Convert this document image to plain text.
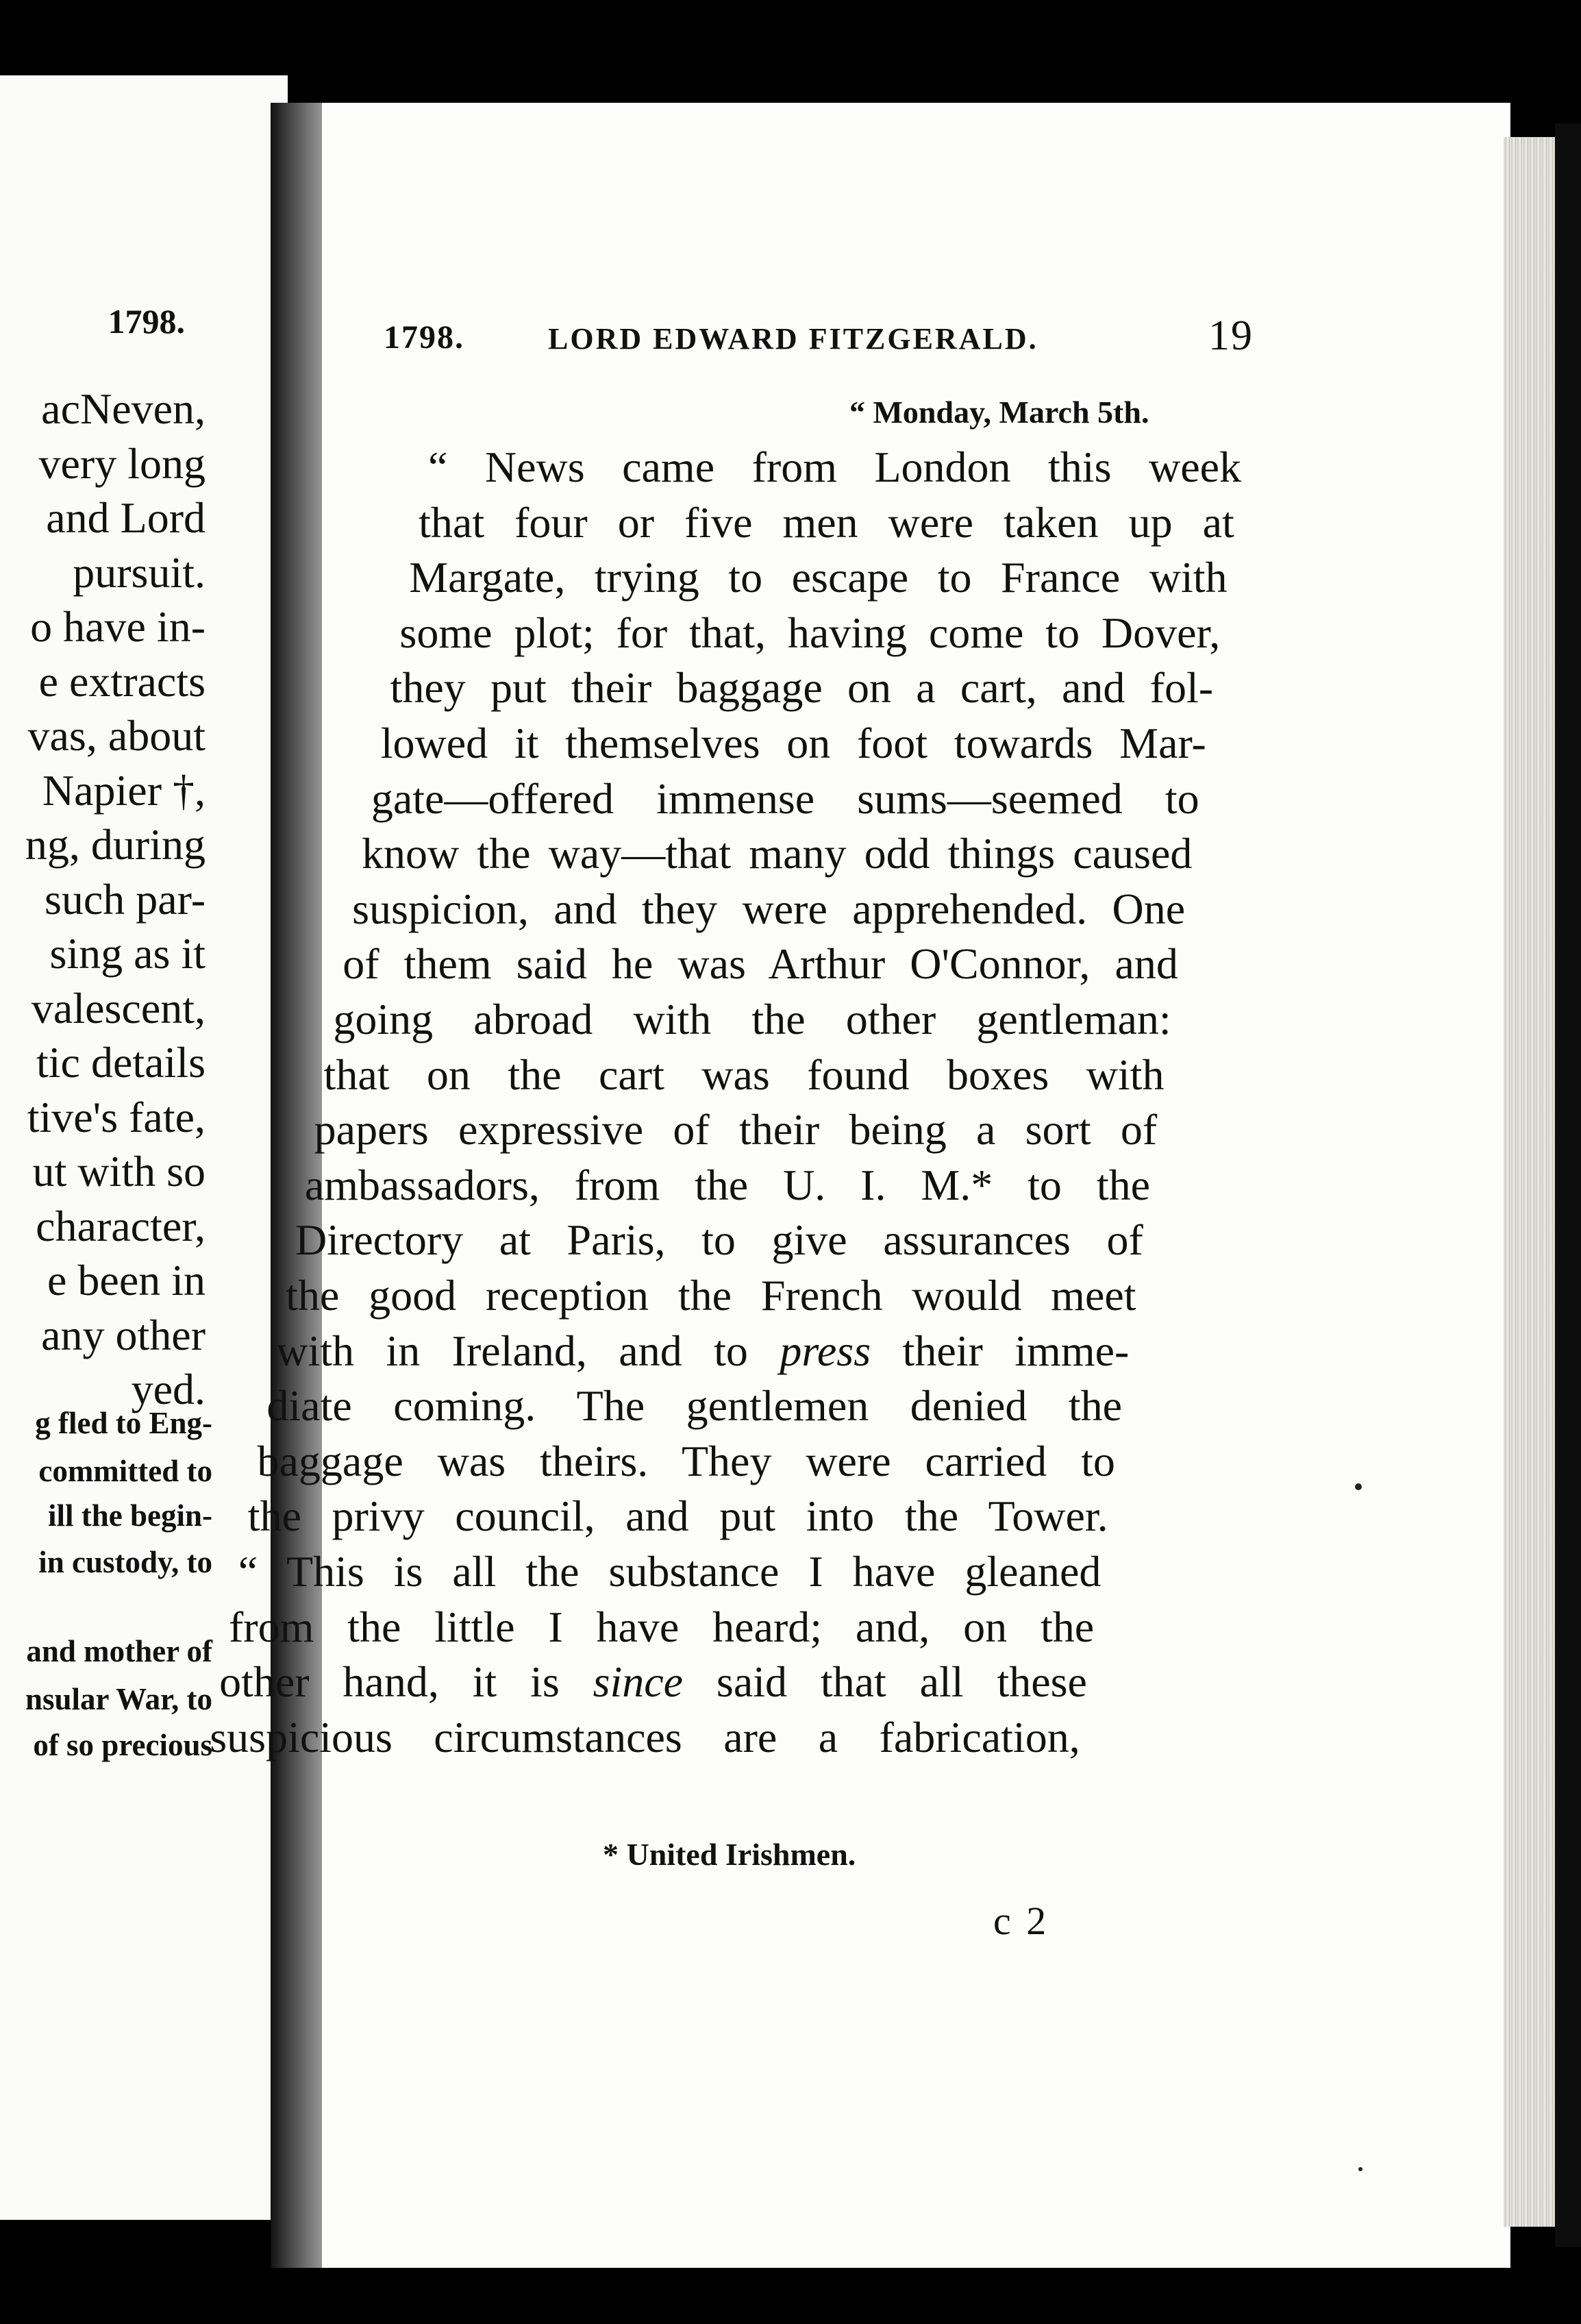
1798.

acNeven,

very long

and Lord

pursuit.

o have in-

e extracts

vas, about

Napier †,

ng, during

such par-

sing as it

valescent,

tic details

tive's fate,

ut with so

character,

e been in

any other

yed.

g fled to Eng-

committed to

ill the begin-

in custody, to

and mother of

nsular War, to

of so precious

1798.	LORD EDWARD FITZGERALD.	19

“ Monday, March 5th.

“ News came from London this week

that four or five men were taken up at

Margate, trying to escape to France with

some plot; for that, having come to Dover,

they put their baggage on a cart, and fol-

lowed it themselves on foot towards Mar-

gate—offered immense sums—seemed to

know the way—that many odd things caused

suspicion, and they were apprehended. One

of them said he was Arthur O'Connor, and

going abroad with the other gentleman:

that on the cart was found boxes with

papers expressive of their being a sort of

ambassadors, from the U. I. M.* to the

Directory at Paris, to give assurances of

the good reception the French would meet

with in Ireland, and to press their imme-

diate coming. The gentlemen denied the

baggage was theirs. They were carried to

the privy council, and put into the Tower.

“ This is all the substance I have gleaned

from the little I have heard; and, on the

other hand, it is since said that all these

suspicious circumstances are a fabrication,

* United Irishmen.

c 2
